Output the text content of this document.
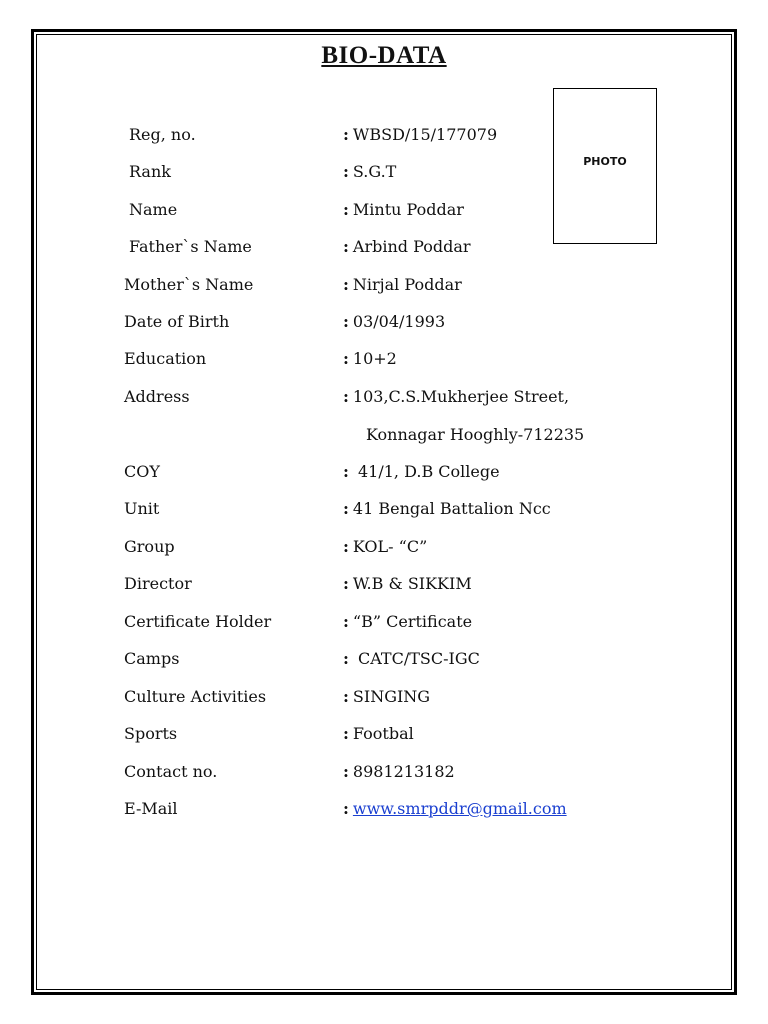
BIO-DATA
PHOTO
Reg, no.	: WBSD/15/177079
Rank	: S.G.T
Name	: Mintu Poddar
Father`s Name	: Arbind Poddar
Mother`s Name	: Nirjal Poddar
Date of Birth	: 03/04/1993
Education	: 10+2
Address	: 103,C.S.Mukherjee Street,
Konnagar Hooghly-712235
COY	: 41/1, D.B College
Unit	: 41 Bengal Battalion Ncc
Group	: KOL- “C”
Director	: W.B & SIKKIM
Certificate Holder	: “B” Certificate
Camps	: CATC/TSC-IGC
Culture Activities	: SINGING
Sports	: Footbal
Contact no.	: 8981213182
E-Mail	: www.smrpddr@gmail.com
